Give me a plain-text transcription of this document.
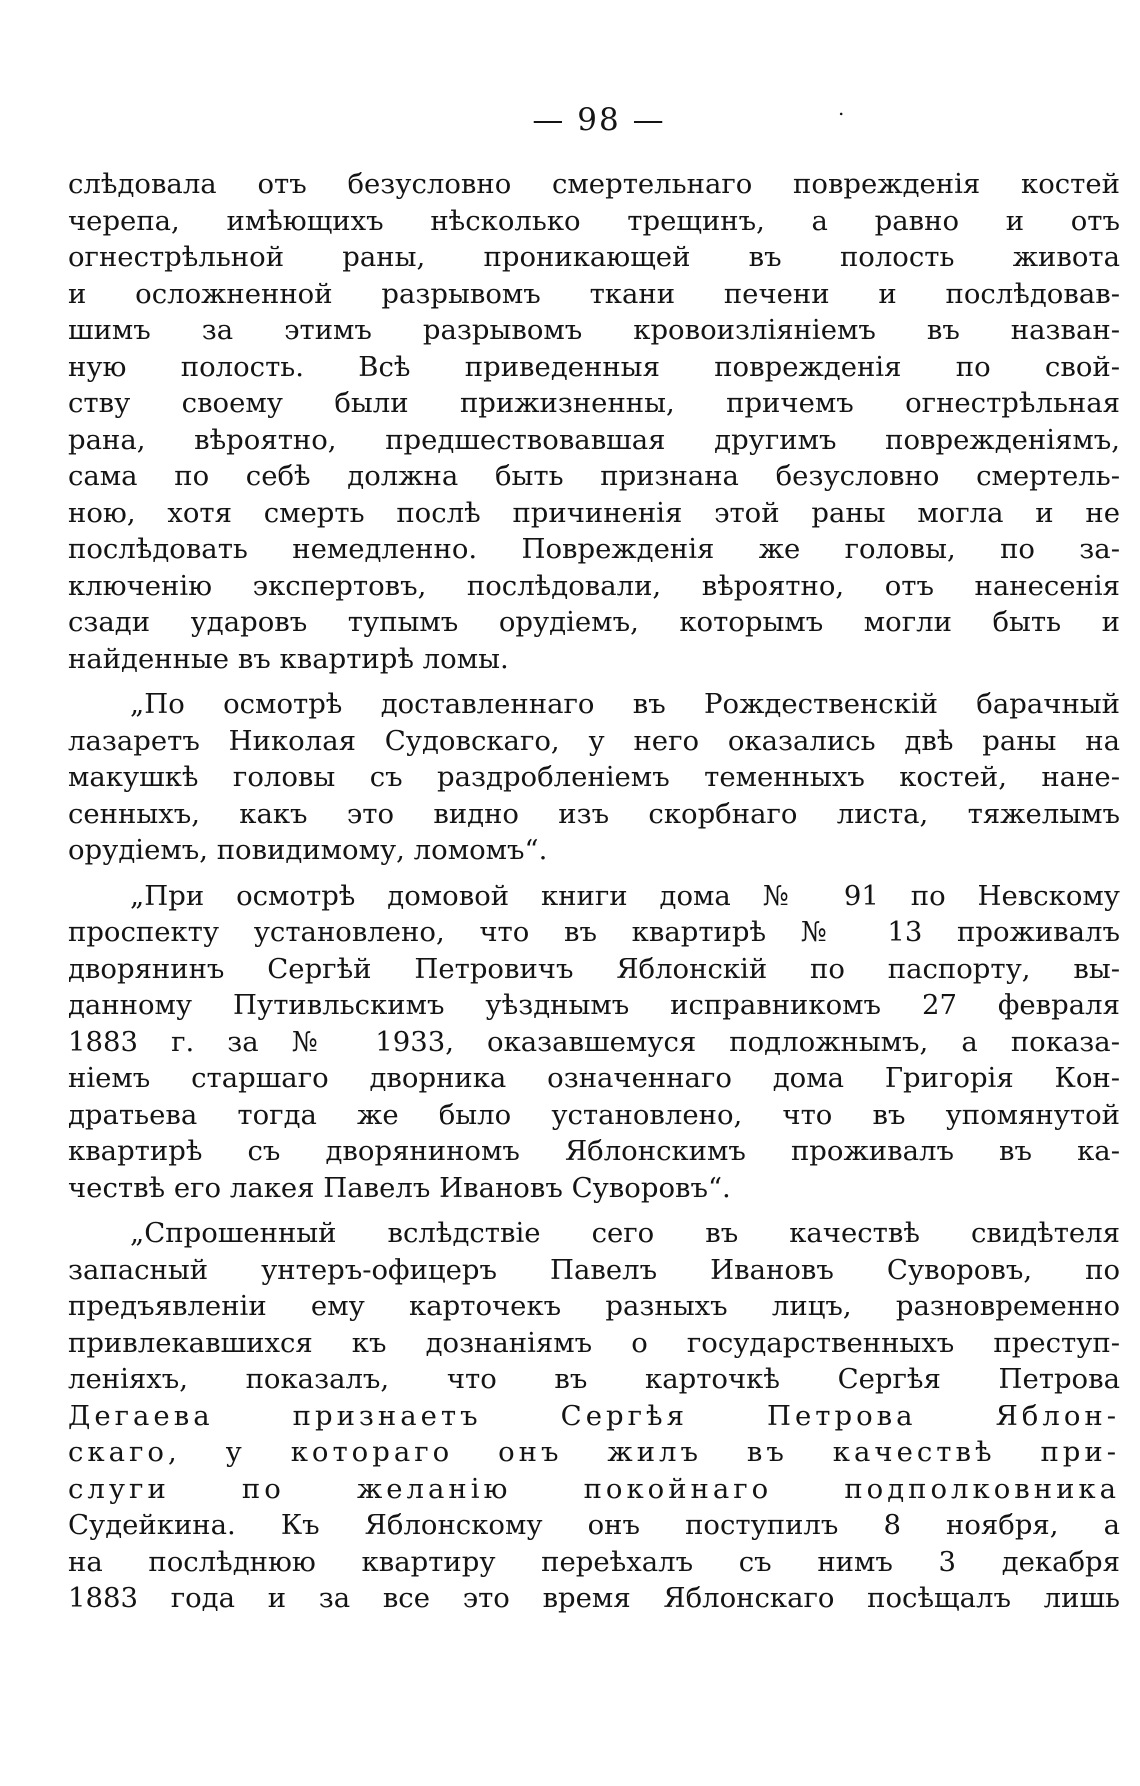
.
— 98 —
слѣдовала отъ безусловно смертельнаго поврежденія костей
черепа, имѣющихъ нѣсколько трещинъ, а равно и отъ
огнестрѣльной раны, проникающей въ полость живота
и осложненной разрывомъ ткани печени и послѣдовав-
шимъ за этимъ разрывомъ кровоизліяніемъ въ назван-
ную полость. Всѣ приведенныя поврежденія по свой-
ству своему были прижизненны, причемъ огнестрѣльная
рана, вѣроятно, предшествовавшая другимъ поврежденіямъ,
сама по себѣ должна быть признана безусловно смертель-
ною, хотя смерть послѣ причиненія этой раны могла и не
послѣдовать немедленно. Поврежденія же головы, по за-
ключенію экспертовъ, послѣдовали, вѣроятно, отъ нанесенія
сзади ударовъ тупымъ орудіемъ, которымъ могли быть и
найденные въ квартирѣ ломы.
„По осмотрѣ доставленнаго въ Рождественскій барачный
лазаретъ Николая Судовскаго, у него оказались двѣ раны на
макушкѣ головы съ раздробленіемъ теменныхъ костей, нане-
сенныхъ, какъ это видно изъ скорбнаго листа, тяжелымъ
орудіемъ, повидимому, ломомъ“.
„При осмотрѣ домовой книги дома № 91 по Невскому
проспекту установлено, что въ квартирѣ № 13 проживалъ
дворянинъ Сергѣй Петровичъ Яблонскій по паспорту, вы-
данному Путивльскимъ уѣзднымъ исправникомъ 27 февраля
1883 г. за № 1933, оказавшемуся подложнымъ, а показа-
ніемъ старшаго дворника означеннаго дома Григорія Кон-
дратьева тогда же было установлено, что въ упомянутой
квартирѣ съ дворяниномъ Яблонскимъ проживалъ въ ка-
чествѣ его лакея Павелъ Ивановъ Суворовъ“.
„Спрошенный вслѣдствіе сего въ качествѣ свидѣтеля
запасный унтеръ-офицеръ Павелъ Ивановъ Суворовъ, по
предъявленіи ему карточекъ разныхъ лицъ, разновременно
привлекавшихся къ дознаніямъ о государственныхъ преступ-
леніяхъ, показалъ, что въ карточкѣ Сергѣя Петрова
Дегаева признаетъ Сергѣя Петрова Яблон-
скаго, у котораго онъ жилъ въ качествѣ при-
слуги по желанію покойнаго подполковника
Судейкина. Къ Яблонскому онъ поступилъ 8 ноября, а
на послѣднюю квартиру переѣхалъ съ нимъ 3 декабря
1883 года и за все это время Яблонскаго посѣщалъ лишь
